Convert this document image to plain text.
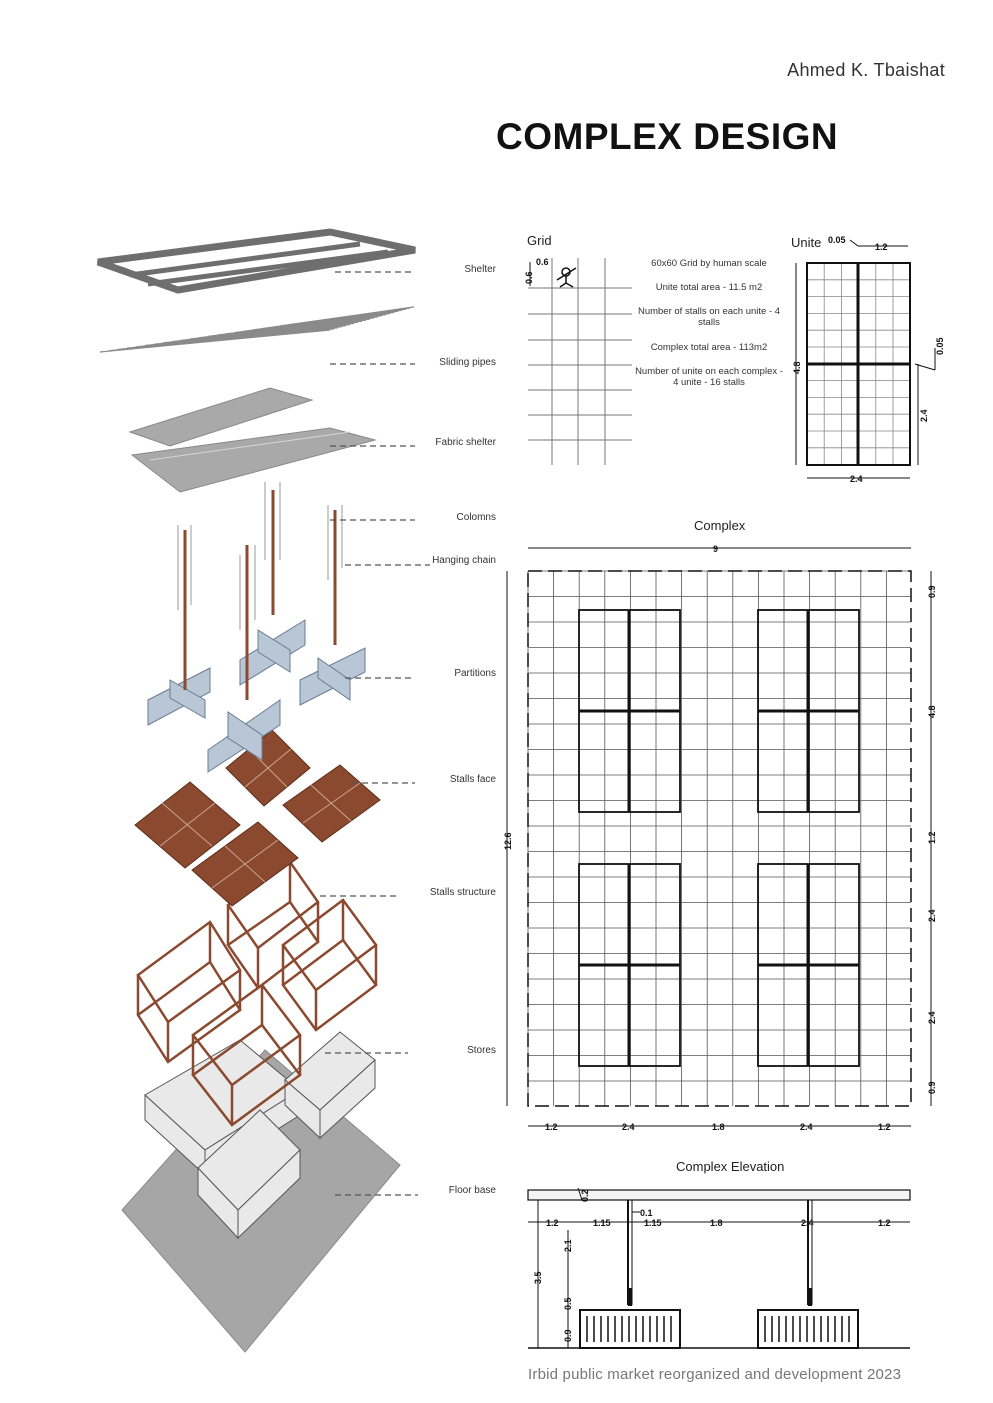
Ahmed K. Tbaishat
COMPLEX DESIGN
Shelter
Sliding pipes
Fabric shelter
Colomns
Hanging chain
Partitions
Stalls face
Stalls structure
Stores
Floor base
Grid
0.6
0.6	60x60 Grid by human scale
Unite total area - 11.5 m2
Number of stalls on each unite - 4 stalls
Complex total area - 113m2
Number of unite on each complex - 4 unite - 16 stalls
Unite 0.05
1.2
4.8
2.4
0.05
2.4
Complex
9
12.6
0.9
4.8
1.2
2.4
2.4
0.9
1.2	2.4	1.8	2.4	1.2
Complex Elevation
1.2	1.15	1.15	1.8	2.4	1.2
0.2
0.1
3.5
2.1
0.5
0.9
Irbid public market reorganized and development 2023
